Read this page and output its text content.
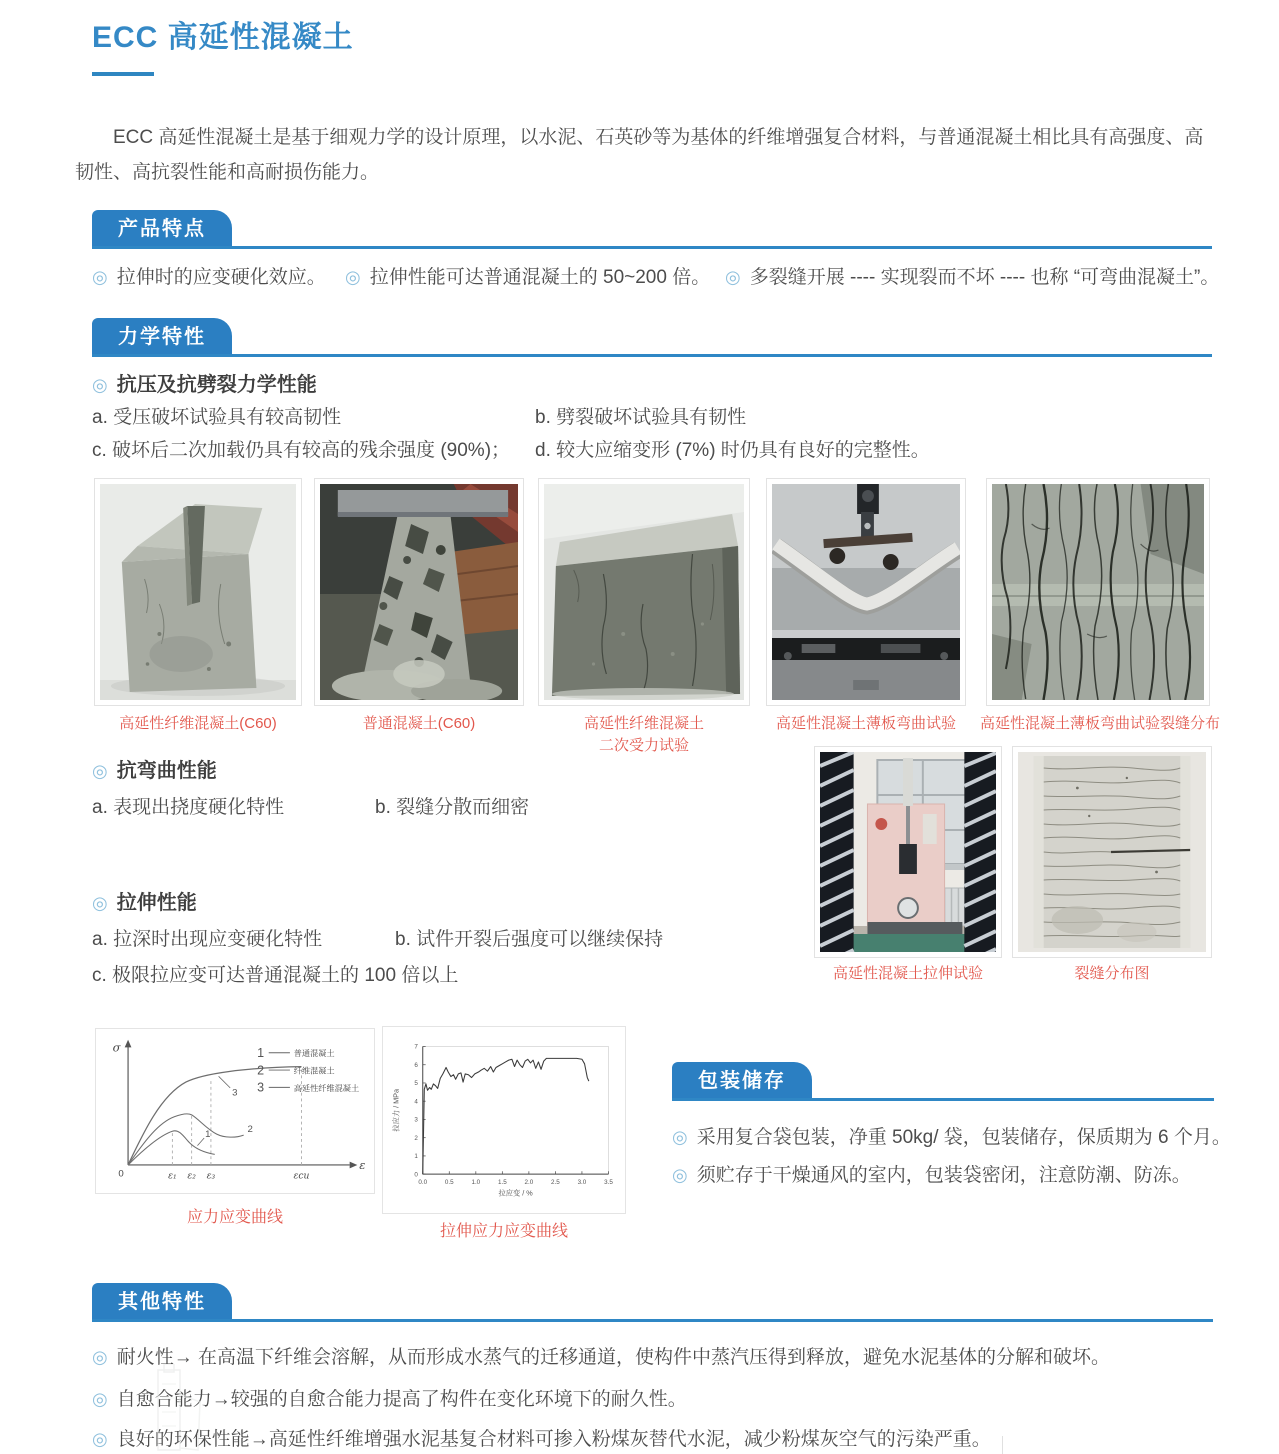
ECC 高延性混凝土
ECC 高延性混凝土是基于细观力学的设计原理，以水泥、石英砂等为基体的纤维增强复合材料，与普通混凝土相比具有高强度、高韧性、高抗裂性能和高耐损伤能力。
产品特点
◎ 拉伸时的应变硬化效应。 ◎ 拉伸性能可达普通混凝土的 50~200 倍。 ◎ 多裂缝开展 ---- 实现裂而不坏 ---- 也称 “可弯曲混凝土”。
力学特性
◎ 抗压及抗劈裂力学性能
a. 受压破坏试验具有较高韧性	b. 劈裂破坏试验具有韧性
c. 破坏后二次加载仍具有较高的残余强度 (90%)； d. 较大应缩变形 (7%) 时仍具有良好的完整性。
高延性纤维混凝土(C60)	普通混凝土(C60)	高延性纤维混凝土
二次受力试验
高延性混凝土薄板弯曲试验	高延性混凝土薄板弯曲试验裂缝分布
◎ 抗弯曲性能
a. 表现出挠度硬化特性	b. 裂缝分散而细密
◎ 拉伸性能
a. 拉深时出现应变硬化特性	b. 试件开裂后强度可以继续保持
c. 极限拉应变可达普通混凝土的 100 倍以上	高延性混凝土拉伸试验	裂缝分布图
σ
ε
0
1	2
3
ε₁ ε₂ ε₃	εcu
1	普通混凝土
2	纤维混凝土
3	高延性纤维混凝土
应力应变曲线
0.0	0.5	1.0	1.5	2.0	2.5	3.0	3.5
0
1
2
3
4
5
6
7
拉应变 / %
拉应力 / MPa
拉伸应力应变曲线
包装储存
◎ 采用复合袋包装，净重 50kg/ 袋，包装储存，保质期为 6 个月。
◎ 须贮存于干燥通风的室内，包装袋密闭，注意防潮、防冻。
其他特性
◎ 耐火性→ 在高温下纤维会溶解，从而形成水蒸气的迁移通道，使构件中蒸汽压得到释放，避免水泥基体的分解和破坏。
◎ 自愈合能力→较强的自愈合能力提高了构件在变化环境下的耐久性。
◎ 良好的环保性能→高延性纤维增强水泥基复合材料可掺入粉煤灰替代水泥，减少粉煤灰空气的污染严重。
